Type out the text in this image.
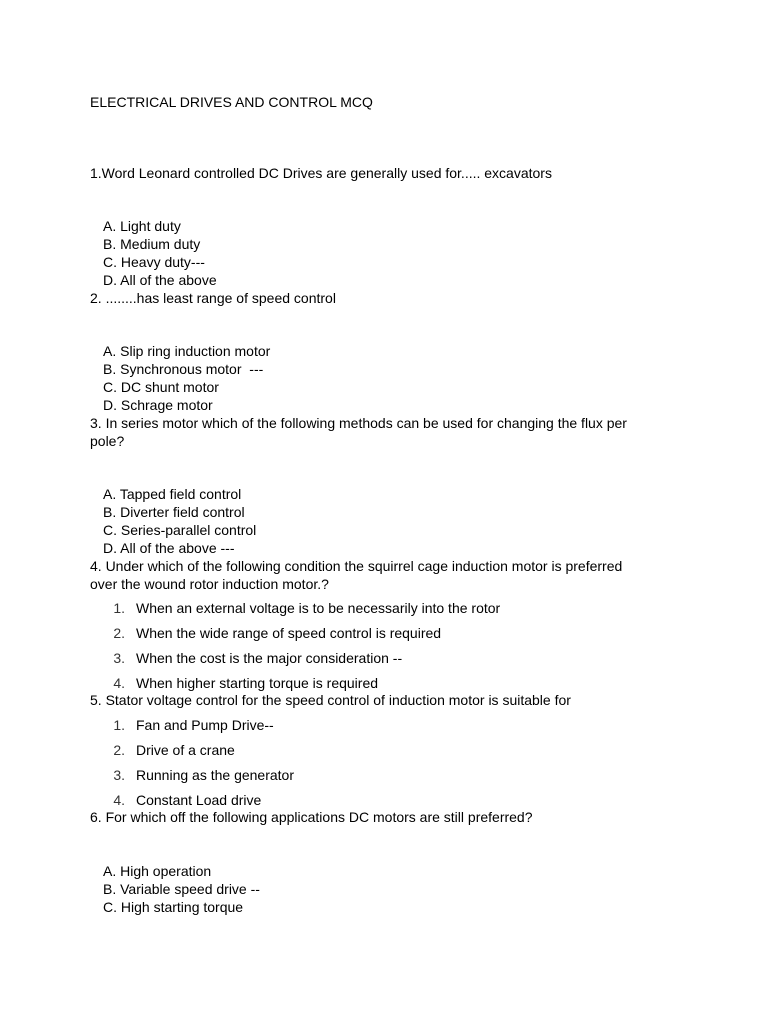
ELECTRICAL DRIVES AND CONTROL MCQ
1.Word Leonard controlled DC Drives are generally used for..... excavators
A. Light duty
B. Medium duty
C. Heavy duty---
D. All of the above
2. ........has least range of speed control
A. Slip ring induction motor
B. Synchronous motor  ---
C. DC shunt motor
D. Schrage motor
3. In series motor which of the following methods can be used for changing the flux per
pole?
A. Tapped field control
B. Diverter field control
C. Series-parallel control
D. All of the above ---
4. Under which of the following condition the squirrel cage induction motor is preferred
over the wound rotor induction motor.?
1. When an external voltage is to be necessarily into the rotor
2. When the wide range of speed control is required
3. When the cost is the major consideration --
4. When higher starting torque is required
5. Stator voltage control for the speed control of induction motor is suitable for
1. Fan and Pump Drive--
2. Drive of a crane
3. Running as the generator
4. Constant Load drive
6. For which off the following applications DC motors are still preferred?
A. High operation
B. Variable speed drive --
C. High starting torque
